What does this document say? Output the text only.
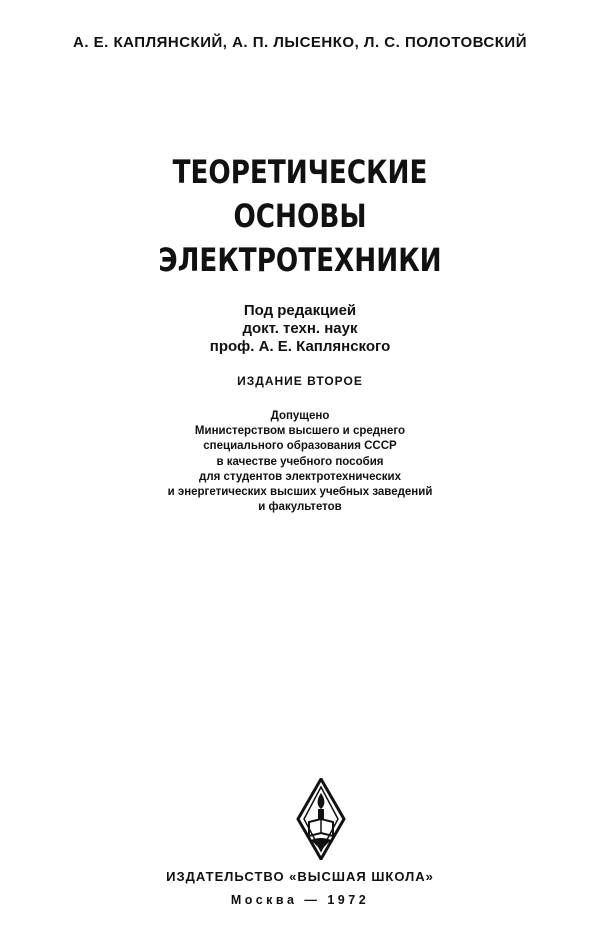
А. Е. КАПЛЯНСКИЙ, А. П. ЛЫСЕНКО, Л. С. ПОЛОТОВСКИЙ
ТЕОРЕТИЧЕСКИЕ
ОСНОВЫ
ЭЛЕКТРОТЕХНИКИ
Под редакцией
докт. техн. наук
проф. А. Е. Каплянского
ИЗДАНИЕ ВТОРОЕ
Допущено
Министерством высшего и среднего
специального образования СССР
в качестве учебного пособия
для студентов электротехнических
и энергетических высших учебных заведений
и факультетов
ИЗДАТЕЛЬСТВО «ВЫСШАЯ ШКОЛА»
Москва — 1972
